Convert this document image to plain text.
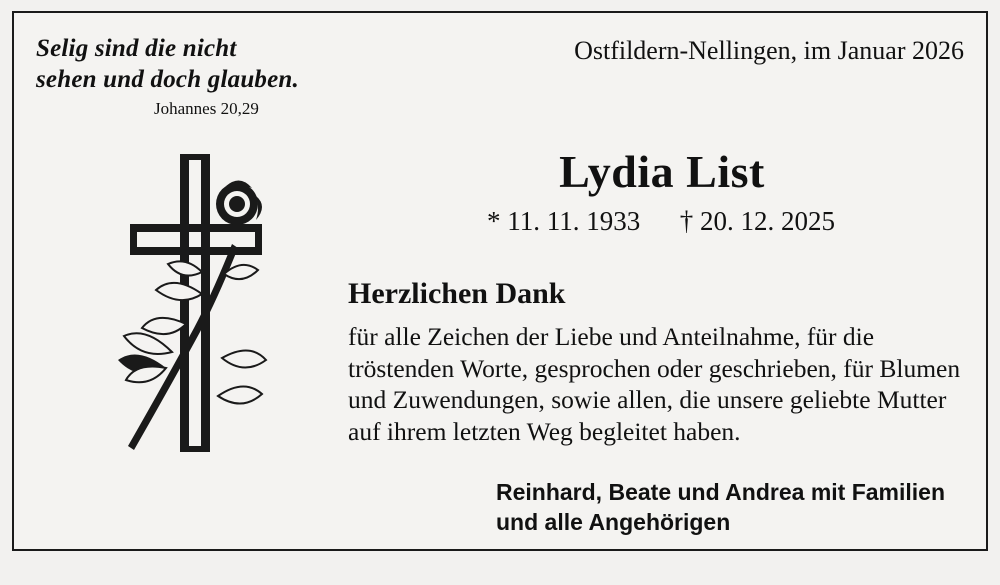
Selig sind die nicht
sehen und doch glauben.
Johannes 20,29
Ostfildern-Nellingen, im Januar 2026
Lydia List
* 11. 11. 1933 † 20. 12. 2025
Herzlichen Dank
für alle Zeichen der Liebe und Anteilnahme, für die
tröstenden Worte, gesprochen oder geschrieben, für Blumen
und Zuwendungen, sowie allen, die unsere geliebte Mutter
auf ihrem letzten Weg begleitet haben.
Reinhard, Beate und Andrea mit Familien
und alle Angehörigen
